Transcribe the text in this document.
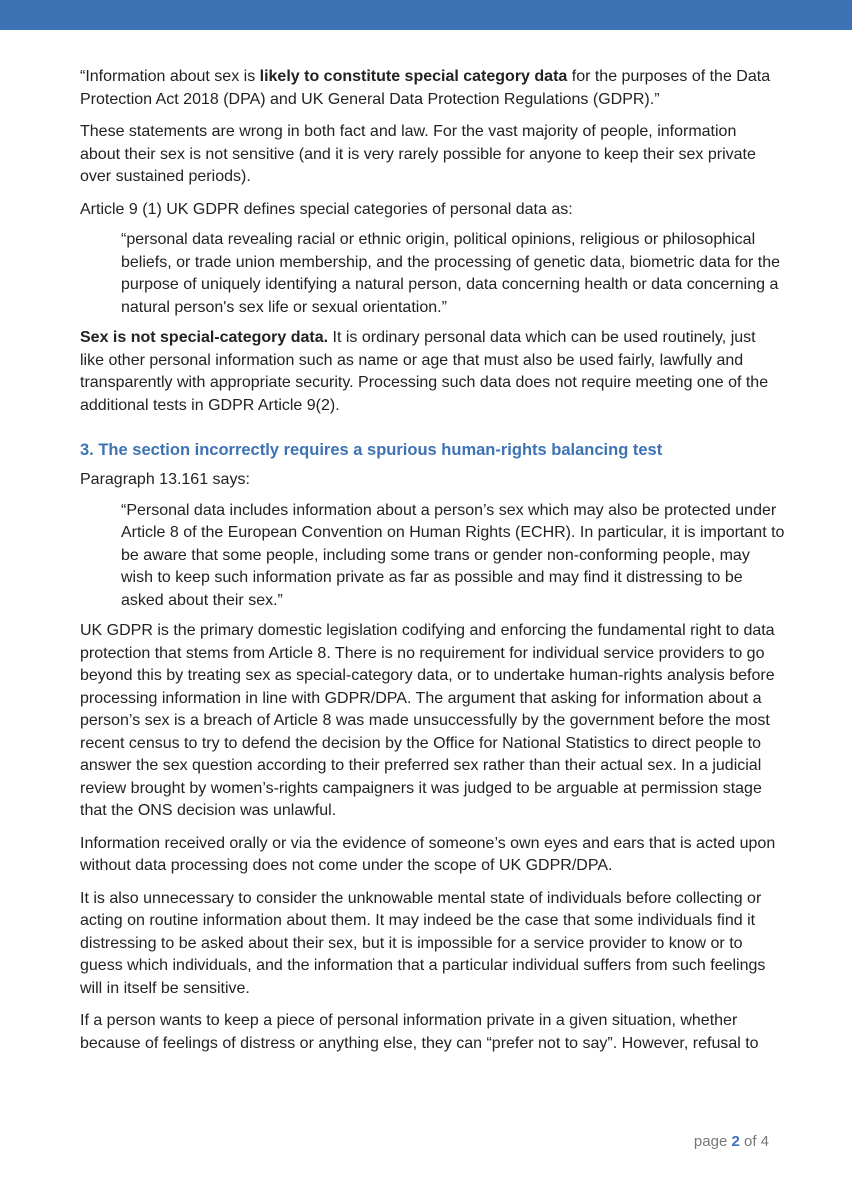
“Information about sex is likely to constitute special category data for the purposes of the Data Protection Act 2018 (DPA) and UK General Data Protection Regulations (GDPR).”

These statements are wrong in both fact and law. For the vast majority of people, information about their sex is not sensitive (and it is very rarely possible for anyone to keep their sex private over sustained periods).

Article 9 (1) UK GDPR defines special categories of personal data as:

“personal data revealing racial or ethnic origin, political opinions, religious or philosophical beliefs, or trade union membership, and the processing of genetic data, biometric data for the purpose of uniquely identifying a natural person, data concerning health or data concerning a natural person's sex life or sexual orientation.”

Sex is not special-category data. It is ordinary personal data which can be used routinely, just like other personal information such as name or age that must also be used fairly, lawfully and transparently with appropriate security. Processing such data does not require meeting one of the additional tests in GDPR Article 9(2).

3. The section incorrectly requires a spurious human-rights balancing test

Paragraph 13.161 says:

“Personal data includes information about a person’s sex which may also be protected under Article 8 of the European Convention on Human Rights (ECHR). In particular, it is important to be aware that some people, including some trans or gender non-conforming people, may wish to keep such information private as far as possible and may find it distressing to be asked about their sex.”

UK GDPR is the primary domestic legislation codifying and enforcing the fundamental right to data protection that stems from Article 8. There is no requirement for individual service providers to go beyond this by treating sex as special-category data, or to undertake human-rights analysis before processing information in line with GDPR/DPA. The argument that asking for information about a person’s sex is a breach of Article 8 was made unsuccessfully by the government before the most recent census to try to defend the decision by the Office for National Statistics to direct people to answer the sex question according to their preferred sex rather than their actual sex. In a judicial review brought by women’s-rights campaigners it was judged to be arguable at permission stage that the ONS decision was unlawful.

Information received orally or via the evidence of someone’s own eyes and ears that is acted upon without data processing does not come under the scope of UK GDPR/DPA.

It is also unnecessary to consider the unknowable mental state of individuals before collecting or acting on routine information about them. It may indeed be the case that some individuals find it distressing to be asked about their sex, but it is impossible for a service provider to know or to guess which individuals, and the information that a particular individual suffers from such feelings will in itself be sensitive.

If a person wants to keep a piece of personal information private in a given situation, whether because of feelings of distress or anything else, they can “prefer not to say”. However, refusal to

page 2 of 4
